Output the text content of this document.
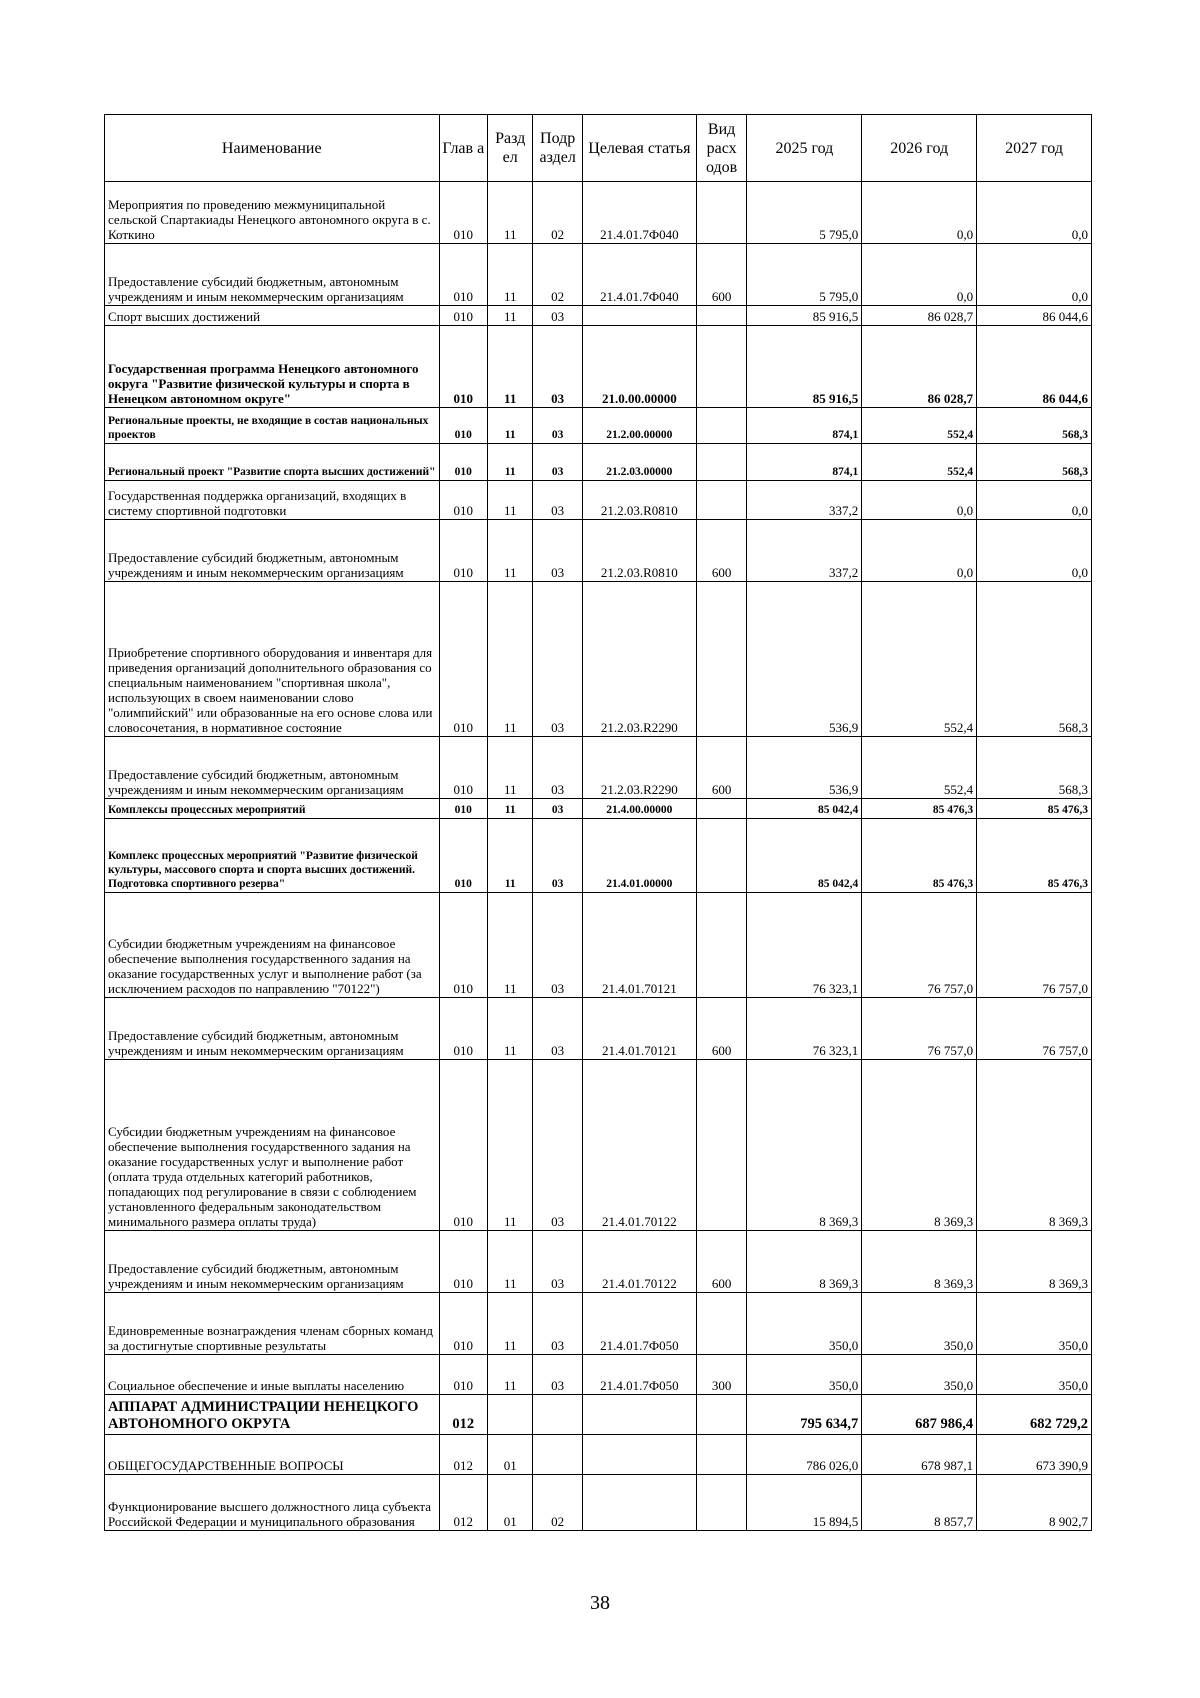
Наименование	Глав а	Разд ел	Подр аздел	Целевая статья	Вид расх одов	2025 год	2026 год	2027 год
Мероприятия по проведению межмуниципальной сельской Спартакиады Ненецкого автономного округа в с. Коткино	010	11	02	21.4.01.7Ф040		5 795,0	0,0	0,0
Предоставление субсидий бюджетным, автономным учреждениям и иным некоммерческим организациям	010	11	02	21.4.01.7Ф040	600	5 795,0	0,0	0,0
Спорт высших достижений	010	11	03			85 916,5	86 028,7	86 044,6
Государственная программа Ненецкого автономного округа "Развитие физической культуры и спорта в Ненецком автономном округе"	010	11	03	21.0.00.00000		85 916,5	86 028,7	86 044,6
Региональные проекты, не входящие в состав национальных проектов	010	11	03	21.2.00.00000		874,1	552,4	568,3
Региональный проект "Развитие спорта высших достижений"	010	11	03	21.2.03.00000		874,1	552,4	568,3
Государственная поддержка организаций, входящих в систему спортивной подготовки	010	11	03	21.2.03.R0810		337,2	0,0	0,0
Предоставление субсидий бюджетным, автономным учреждениям и иным некоммерческим организациям	010	11	03	21.2.03.R0810	600	337,2	0,0	0,0
Приобретение спортивного оборудования и инвентаря для приведения организаций дополнительного образования со специальным наименованием "спортивная школа", использующих в своем наименовании слово "олимпийский" или образованные на его основе слова или словосочетания, в нормативное состояние	010	11	03	21.2.03.R2290		536,9	552,4	568,3
Предоставление субсидий бюджетным, автономным учреждениям и иным некоммерческим организациям	010	11	03	21.2.03.R2290	600	536,9	552,4	568,3
Комплексы процессных мероприятий	010	11	03	21.4.00.00000		85 042,4	85 476,3	85 476,3
Комплекс процессных мероприятий "Развитие физической культуры, массового спорта и спорта высших достижений. Подготовка спортивного резерва"	010	11	03	21.4.01.00000		85 042,4	85 476,3	85 476,3
Субсидии бюджетным учреждениям на финансовое обеспечение выполнения государственного задания на оказание государственных услуг и выполнение работ (за исключением расходов по направлению "70122")	010	11	03	21.4.01.70121		76 323,1	76 757,0	76 757,0
Предоставление субсидий бюджетным, автономным учреждениям и иным некоммерческим организациям	010	11	03	21.4.01.70121	600	76 323,1	76 757,0	76 757,0
Субсидии бюджетным учреждениям на финансовое обеспечение выполнения государственного задания на оказание государственных услуг и выполнение работ (оплата труда отдельных категорий работников, попадающих под регулирование в связи с соблюдением установленного федеральным законодательством минимального размера оплаты труда)	010	11	03	21.4.01.70122		8 369,3	8 369,3	8 369,3
Предоставление субсидий бюджетным, автономным учреждениям и иным некоммерческим организациям	010	11	03	21.4.01.70122	600	8 369,3	8 369,3	8 369,3
Единовременные вознаграждения членам сборных команд за достигнутые спортивные результаты	010	11	03	21.4.01.7Ф050		350,0	350,0	350,0
Социальное обеспечение и иные выплаты населению	010	11	03	21.4.01.7Ф050	300	350,0	350,0	350,0
АППАРАТ АДМИНИСТРАЦИИ НЕНЕЦКОГО АВТОНОМНОГО ОКРУГА	012					795 634,7	687 986,4	682 729,2
ОБЩЕГОСУДАРСТВЕННЫЕ ВОПРОСЫ	012	01				786 026,0	678 987,1	673 390,9
Функционирование высшего должностного лица субъекта Российской Федерации и муниципального образования	012	01	02			15 894,5	8 857,7	8 902,7
38
